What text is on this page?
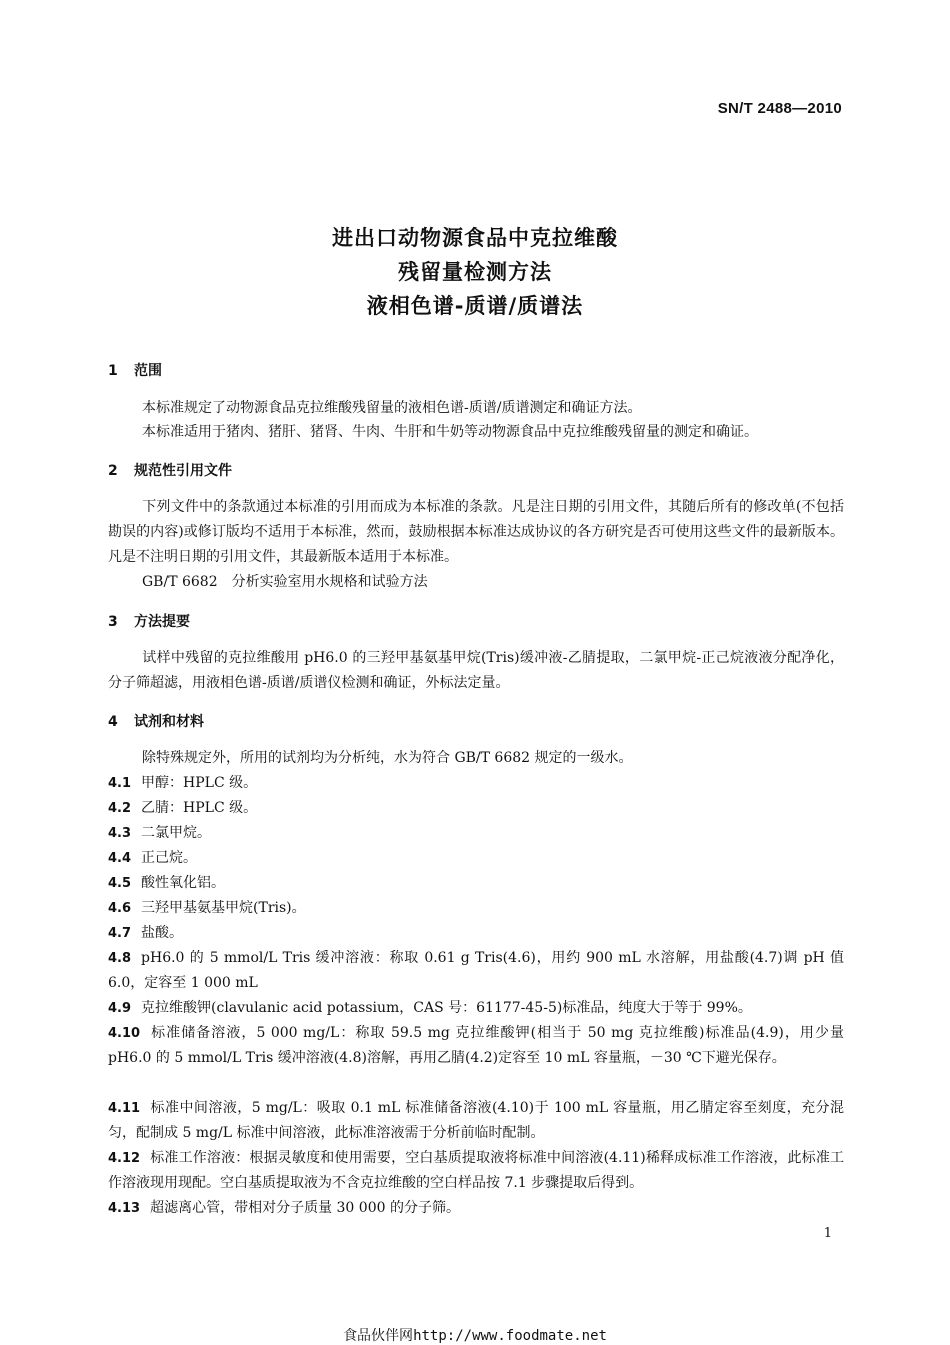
SN/T 2488—2010
进出口动物源食品中克拉维酸
残留量检测方法
液相色谱-质谱/质谱法
1 范围
本标准规定了动物源食品克拉维酸残留量的液相色谱-质谱/质谱测定和确证方法。
本标准适用于猪肉、猪肝、猪肾、牛肉、牛肝和牛奶等动物源食品中克拉维酸残留量的测定和确证。
2 规范性引用文件
下列文件中的条款通过本标准的引用而成为本标准的条款。凡是注日期的引用文件，其随后所有的修改单(不包括勘误的内容)或修订版均不适用于本标准，然而，鼓励根据本标准达成协议的各方研究是否可使用这些文件的最新版本。凡是不注明日期的引用文件，其最新版本适用于本标准。
GB/T 6682　分析实验室用水规格和试验方法
3 方法提要
试样中残留的克拉维酸用 pH6.0 的三羟甲基氨基甲烷(Tris)缓冲液-乙腈提取，二氯甲烷-正己烷液液分配净化，分子筛超滤，用液相色谱-质谱/质谱仪检测和确证，外标法定量。
4 试剂和材料
除特殊规定外，所用的试剂均为分析纯，水为符合 GB/T 6682 规定的一级水。
4.1 甲醇：HPLC 级。
4.2 乙腈：HPLC 级。
4.3 二氯甲烷。
4.4 正己烷。
4.5 酸性氧化铝。
4.6 三羟甲基氨基甲烷(Tris)。
4.7 盐酸。
4.8 pH6.0 的 5 mmol/L Tris 缓冲溶液：称取 0.61 g Tris(4.6)，用约 900 mL 水溶解，用盐酸(4.7)调 pH 值 6.0，定容至 1 000 mL
4.9 克拉维酸钾(clavulanic acid potassium，CAS 号：61177-45-5)标准品，纯度大于等于 99%。
4.10 标准储备溶液，5 000 mg/L：称取 59.5 mg 克拉维酸钾(相当于 50 mg 克拉维酸)标准品(4.9)，用少量 pH6.0 的 5 mmol/L Tris 缓冲溶液(4.8)溶解，再用乙腈(4.2)定容至 10 mL 容量瓶，－30 ℃下避光保存。
4.11 标准中间溶液，5 mg/L：吸取 0.1 mL 标准储备溶液(4.10)于 100 mL 容量瓶，用乙腈定容至刻度，充分混匀，配制成 5 mg/L 标准中间溶液，此标准溶液需于分析前临时配制。
4.12 标准工作溶液：根据灵敏度和使用需要，空白基质提取液将标准中间溶液(4.11)稀释成标准工作溶液，此标准工作溶液现用现配。空白基质提取液为不含克拉维酸的空白样品按 7.1 步骤提取后得到。
4.13 超滤离心管，带相对分子质量 30 000 的分子筛。
1
食品伙伴网http://www.foodmate.net
